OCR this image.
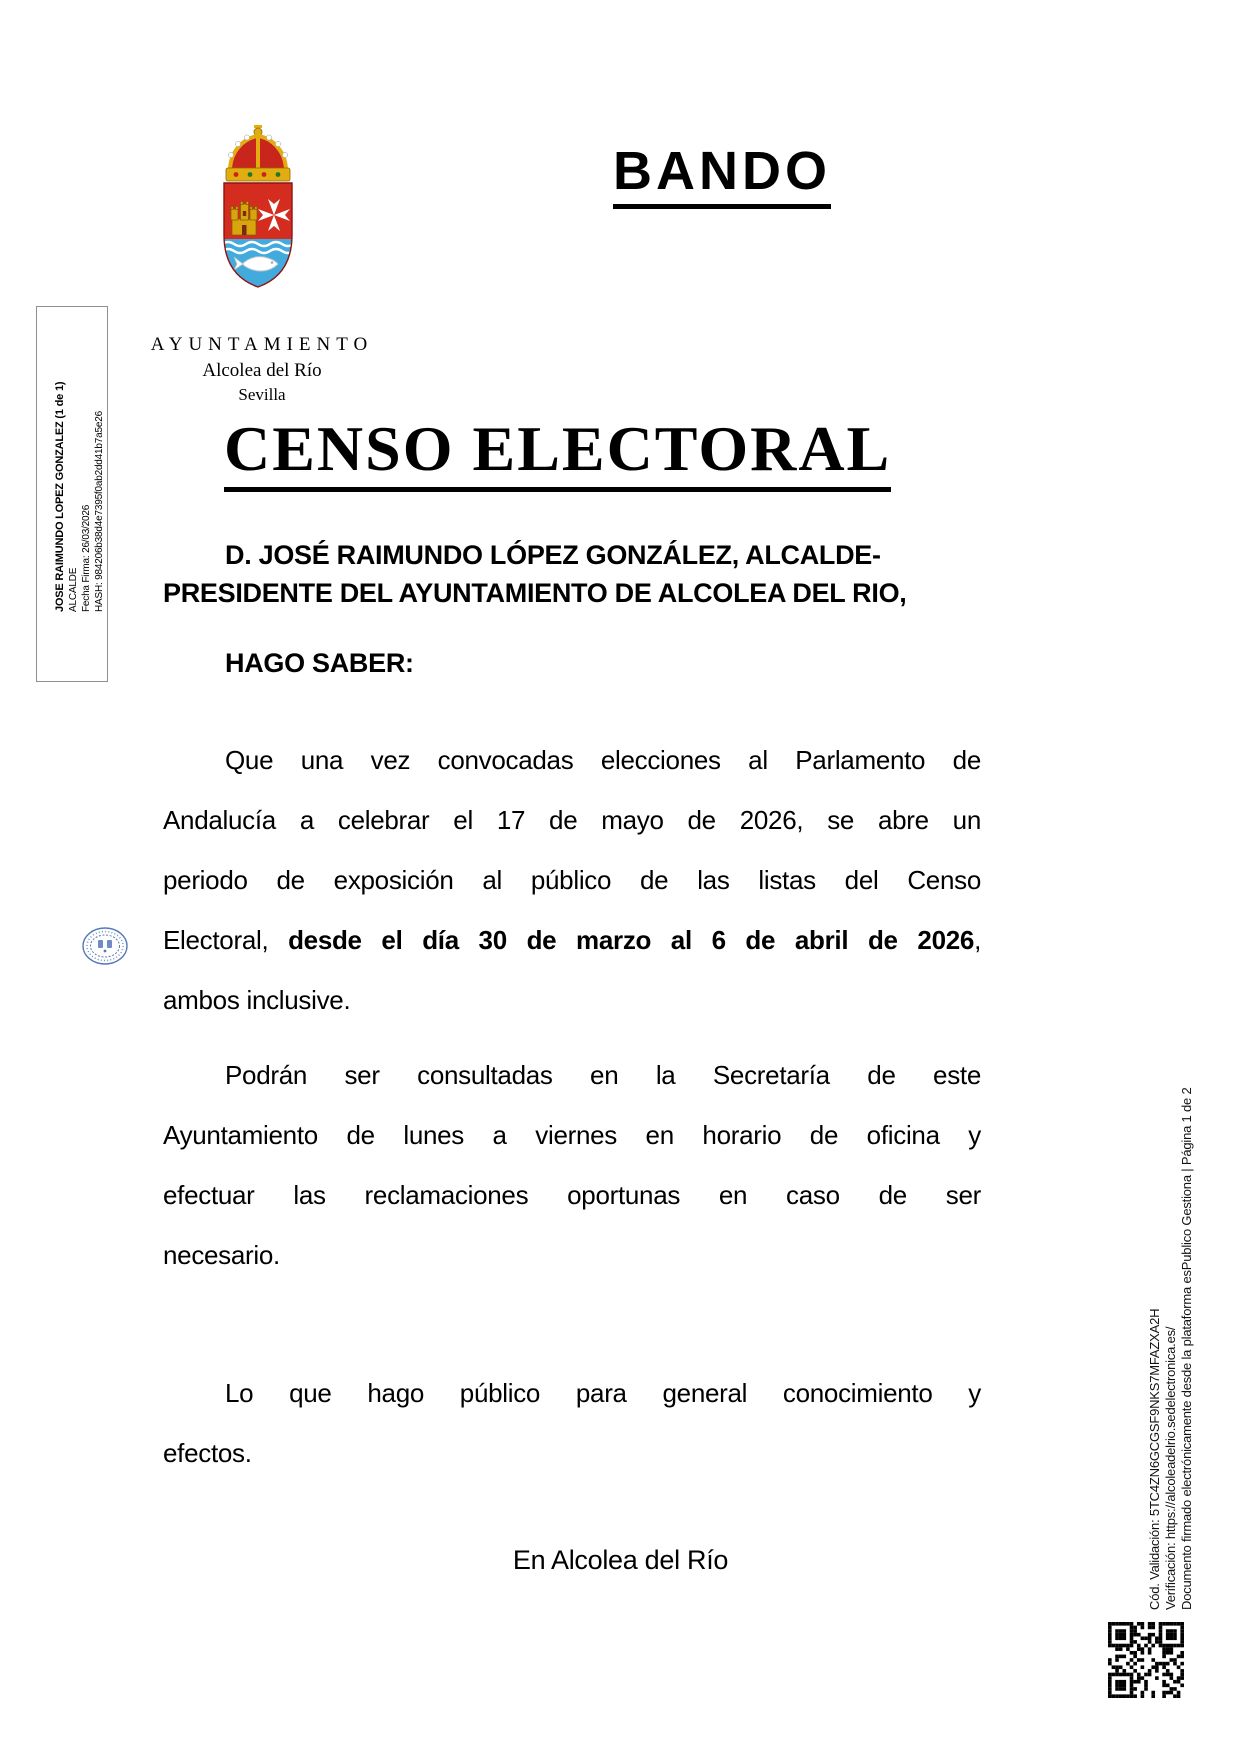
JOSE RAIMUNDO LOPEZ GONZALEZ (1 de 1) ALCALDE Fecha Firma: 26/03/2026 HASH: 984206b38d4e7395f0ab2dd41b7a5e26
BANDO
AYUNTAMIENTO
Alcolea del Río
Sevilla
CENSO ELECTORAL
D. JOSÉ RAIMUNDO LÓPEZ GONZÁLEZ, ALCALDE-
PRESIDENTE DEL AYUNTAMIENTO DE ALCOLEA DEL RIO,
HAGO SABER:
Que una vez convocadas elecciones al Parlamento de
Andalucía a celebrar el 17 de mayo de 2026, se abre un
periodo de exposición al público de las listas del Censo
Electoral, desde el día 30 de marzo al 6 de abril de 2026,
ambos inclusive.
Podrán ser consultadas en la Secretaría de este
Ayuntamiento de lunes a viernes en horario de oficina y
efectuar las reclamaciones oportunas en caso de ser
necesario.
Lo que hago público para general conocimiento y
efectos.
En Alcolea del Río	Cód. Validación: 5TC4ZN6GCGSF9NKS7MFAZXA2H Verificación: https://alcoleadelrio.sedelectronica.es/ Documento firmado electrónicamente desde la plataforma esPublico Gestiona | Página 1 de 2
